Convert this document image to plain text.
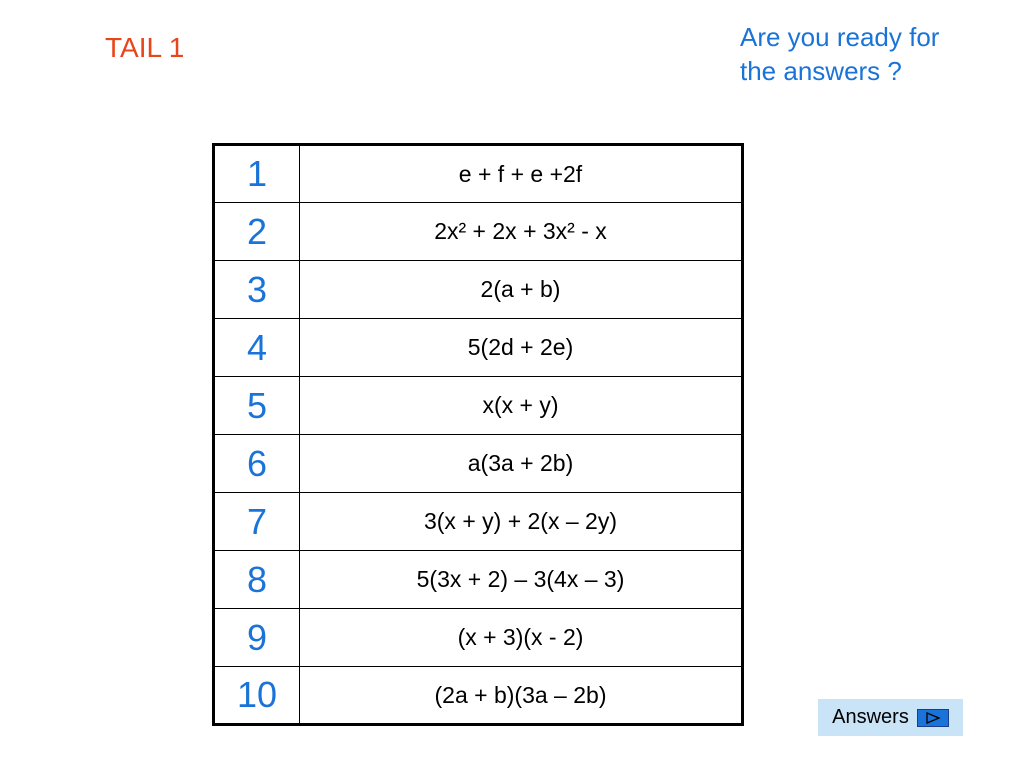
TAIL 1	Are you ready for
the answers ?
1	e + f + e +2f
2	2x² + 2x + 3x² - x
3	2(a + b)
4	5(2d + 2e)
5	x(x + y)
6	a(3a + 2b)
7	3(x + y) + 2(x – 2y)
8	5(3x + 2) – 3(4x – 3)
9	(x + 3)(x - 2)
10	(2a + b)(3a – 2b)
Answers
